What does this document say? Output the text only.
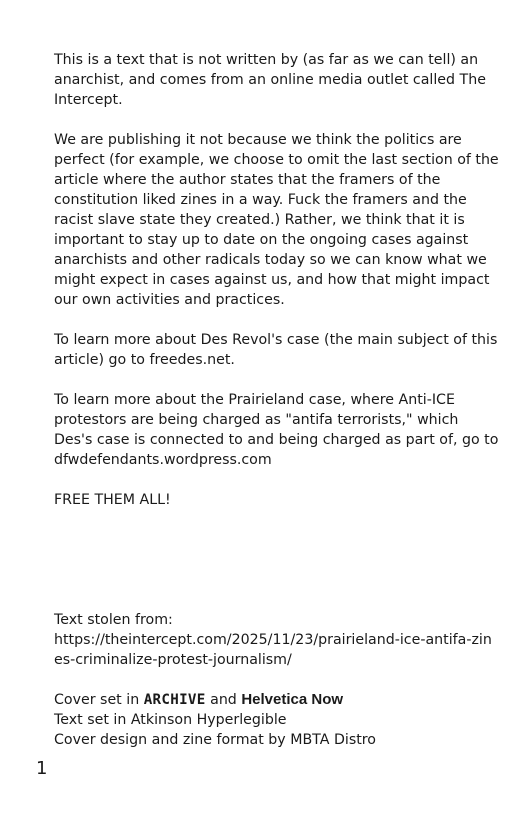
This is a text that is not written by (as far as we can tell) an anarchist, and comes from an online media outlet called The Intercept.

We are publishing it not because we think the politics are perfect (for example, we choose to omit the last section of the article where the author states that the framers of the constitution liked zines in a way. Fuck the framers and the racist slave state they created.) Rather, we think that it is important to stay up to date on the ongoing cases against anarchists and other radicals today so we can know what we might expect in cases against us, and how that might impact our own activities and practices.

To learn more about Des Revol's case (the main subject of this article) go to freedes.net.

To learn more about the Prairieland case, where Anti-ICE protestors are being charged as "antifa terrorists," which Des's case is connected to and being charged as part of, go to dfwdefendants.wordpress.com

FREE THEM ALL!

Text stolen from:

https://theintercept.com/2025/11/23/prairieland-ice-antifa-zines-criminalize-protest-journalism/

Cover set in ARCHIVE and Helvetica Now

Text set in Atkinson Hyperlegible

Cover design and zine format by MBTA Distro

1
